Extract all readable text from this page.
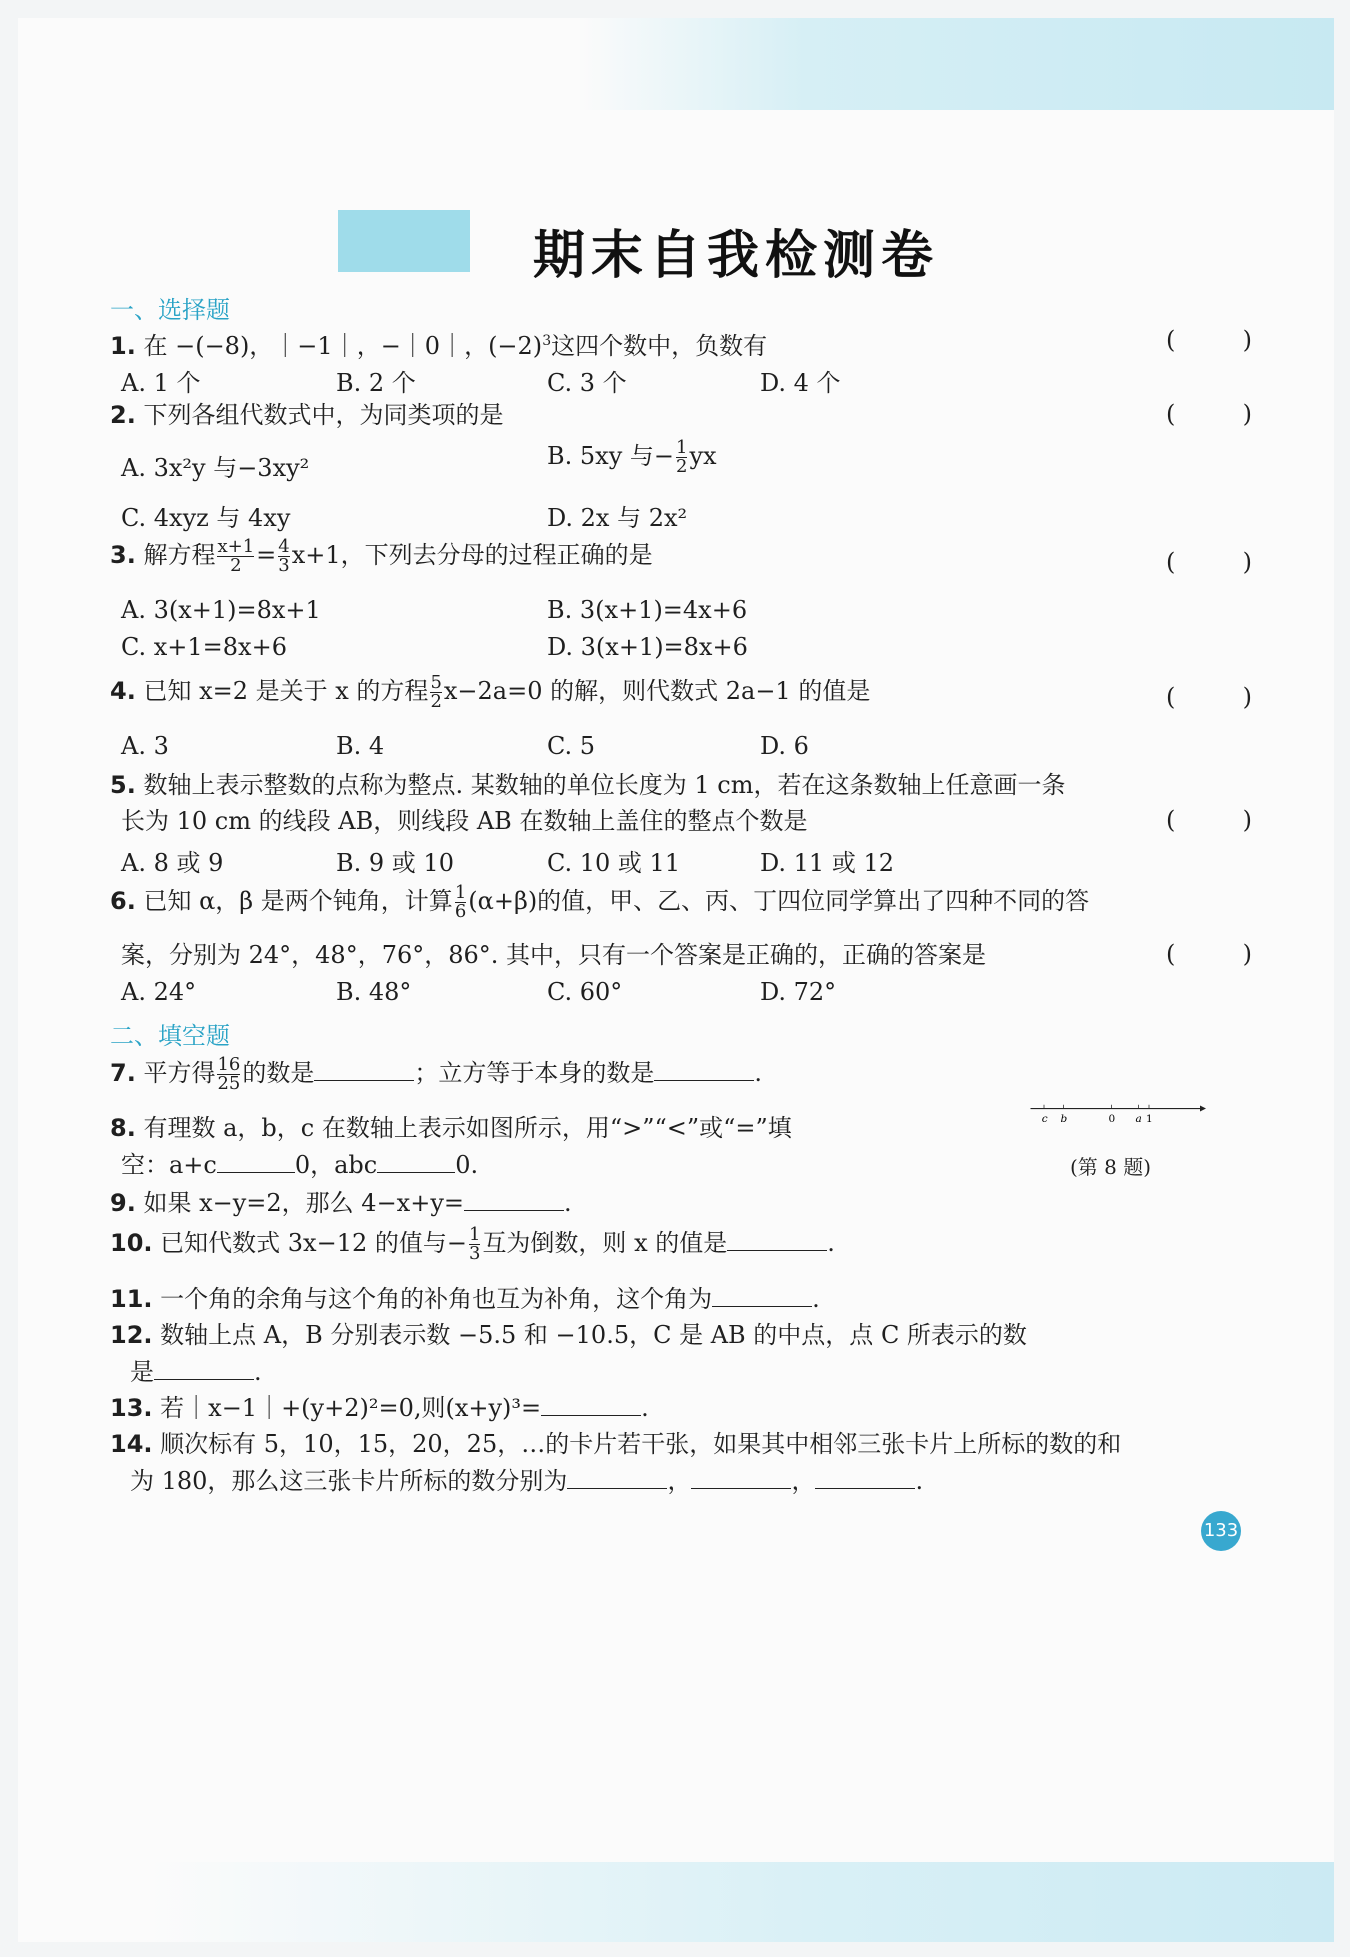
期末自我检测卷
一、选择题
1. 在 −(−8)，｜−1｜，−｜0｜，$(-2)^3$这四个数中，负数有	(	)
A. 1 个	B. 2 个	C. 3 个	D. 4 个
2. 下列各组代数式中，为同类项的是	(	)
A. 3x²y 与−3xy²	B. 5xy 与− $\frac{1}{2}$ yx
C. 4xyz 与 4xy	D. 2x 与 2x²
3. 解方程 $\frac{x+1}{2} = \frac{4}{3} x+1$，下列去分母的过程正确的是	(	)
A. 3(x+1)=8x+1	B. 3(x+1)=4x+6
C. x+1=8x+6	D. 3(x+1)=8x+6
4. 已知 x=2 是关于 x 的方程 $\frac{5}{2} x-2a=0$ 的解，则代数式 2a−1 的值是	(	)
A. 3	B. 4	C. 5	D. 6
5. 数轴上表示整数的点称为整点. 某数轴的单位长度为 1 cm，若在这条数轴上任意画一条
长为 10 cm 的线段 AB，则线段 AB 在数轴上盖住的整点个数是	(	)
A. 8 或 9	B. 9 或 10	C. 10 或 11	D. 11 或 12
6. 已知 α，β 是两个钝角，计算 $\frac{1}{6} (\alpha+\beta)$的值，甲、乙、丙、丁四位同学算出了四种不同的答
案，分别为 24°，48°，76°，86°. 其中，只有一个答案是正确的，正确的答案是	(	)
A. 24°	B. 48°	C. 60°	D. 72°
二、填空题
7. 平方得 $\frac{16}{25}$ 的数是	；立方等于本身的数是	.
8. 有理数 a，b，c 在数轴上表示如图所示，用“>”“<”或“=”填
空：a+c	0，abc	0.
c b	0 a 1
(第 8 题)
9. 如果 x−y=2，那么 4−x+y=	.
10. 已知代数式 3x−12 的值与− $\frac{1}{3}$ 互为倒数，则 x 的值是	.
11. 一个角的余角与这个角的补角也互为补角，这个角为	.
12. 数轴上点 A，B 分别表示数 −5.5 和 −10.5，C 是 AB 的中点，点 C 所表示的数
是	.
13. 若｜x−1｜+(y+2)²=0,则(x+y)³=	.
14. 顺次标有 5，10，15，20，25，…的卡片若干张，如果其中相邻三张卡片上所标的数的和
为 180，那么这三张卡片所标的数分别为	，	，	.
133
